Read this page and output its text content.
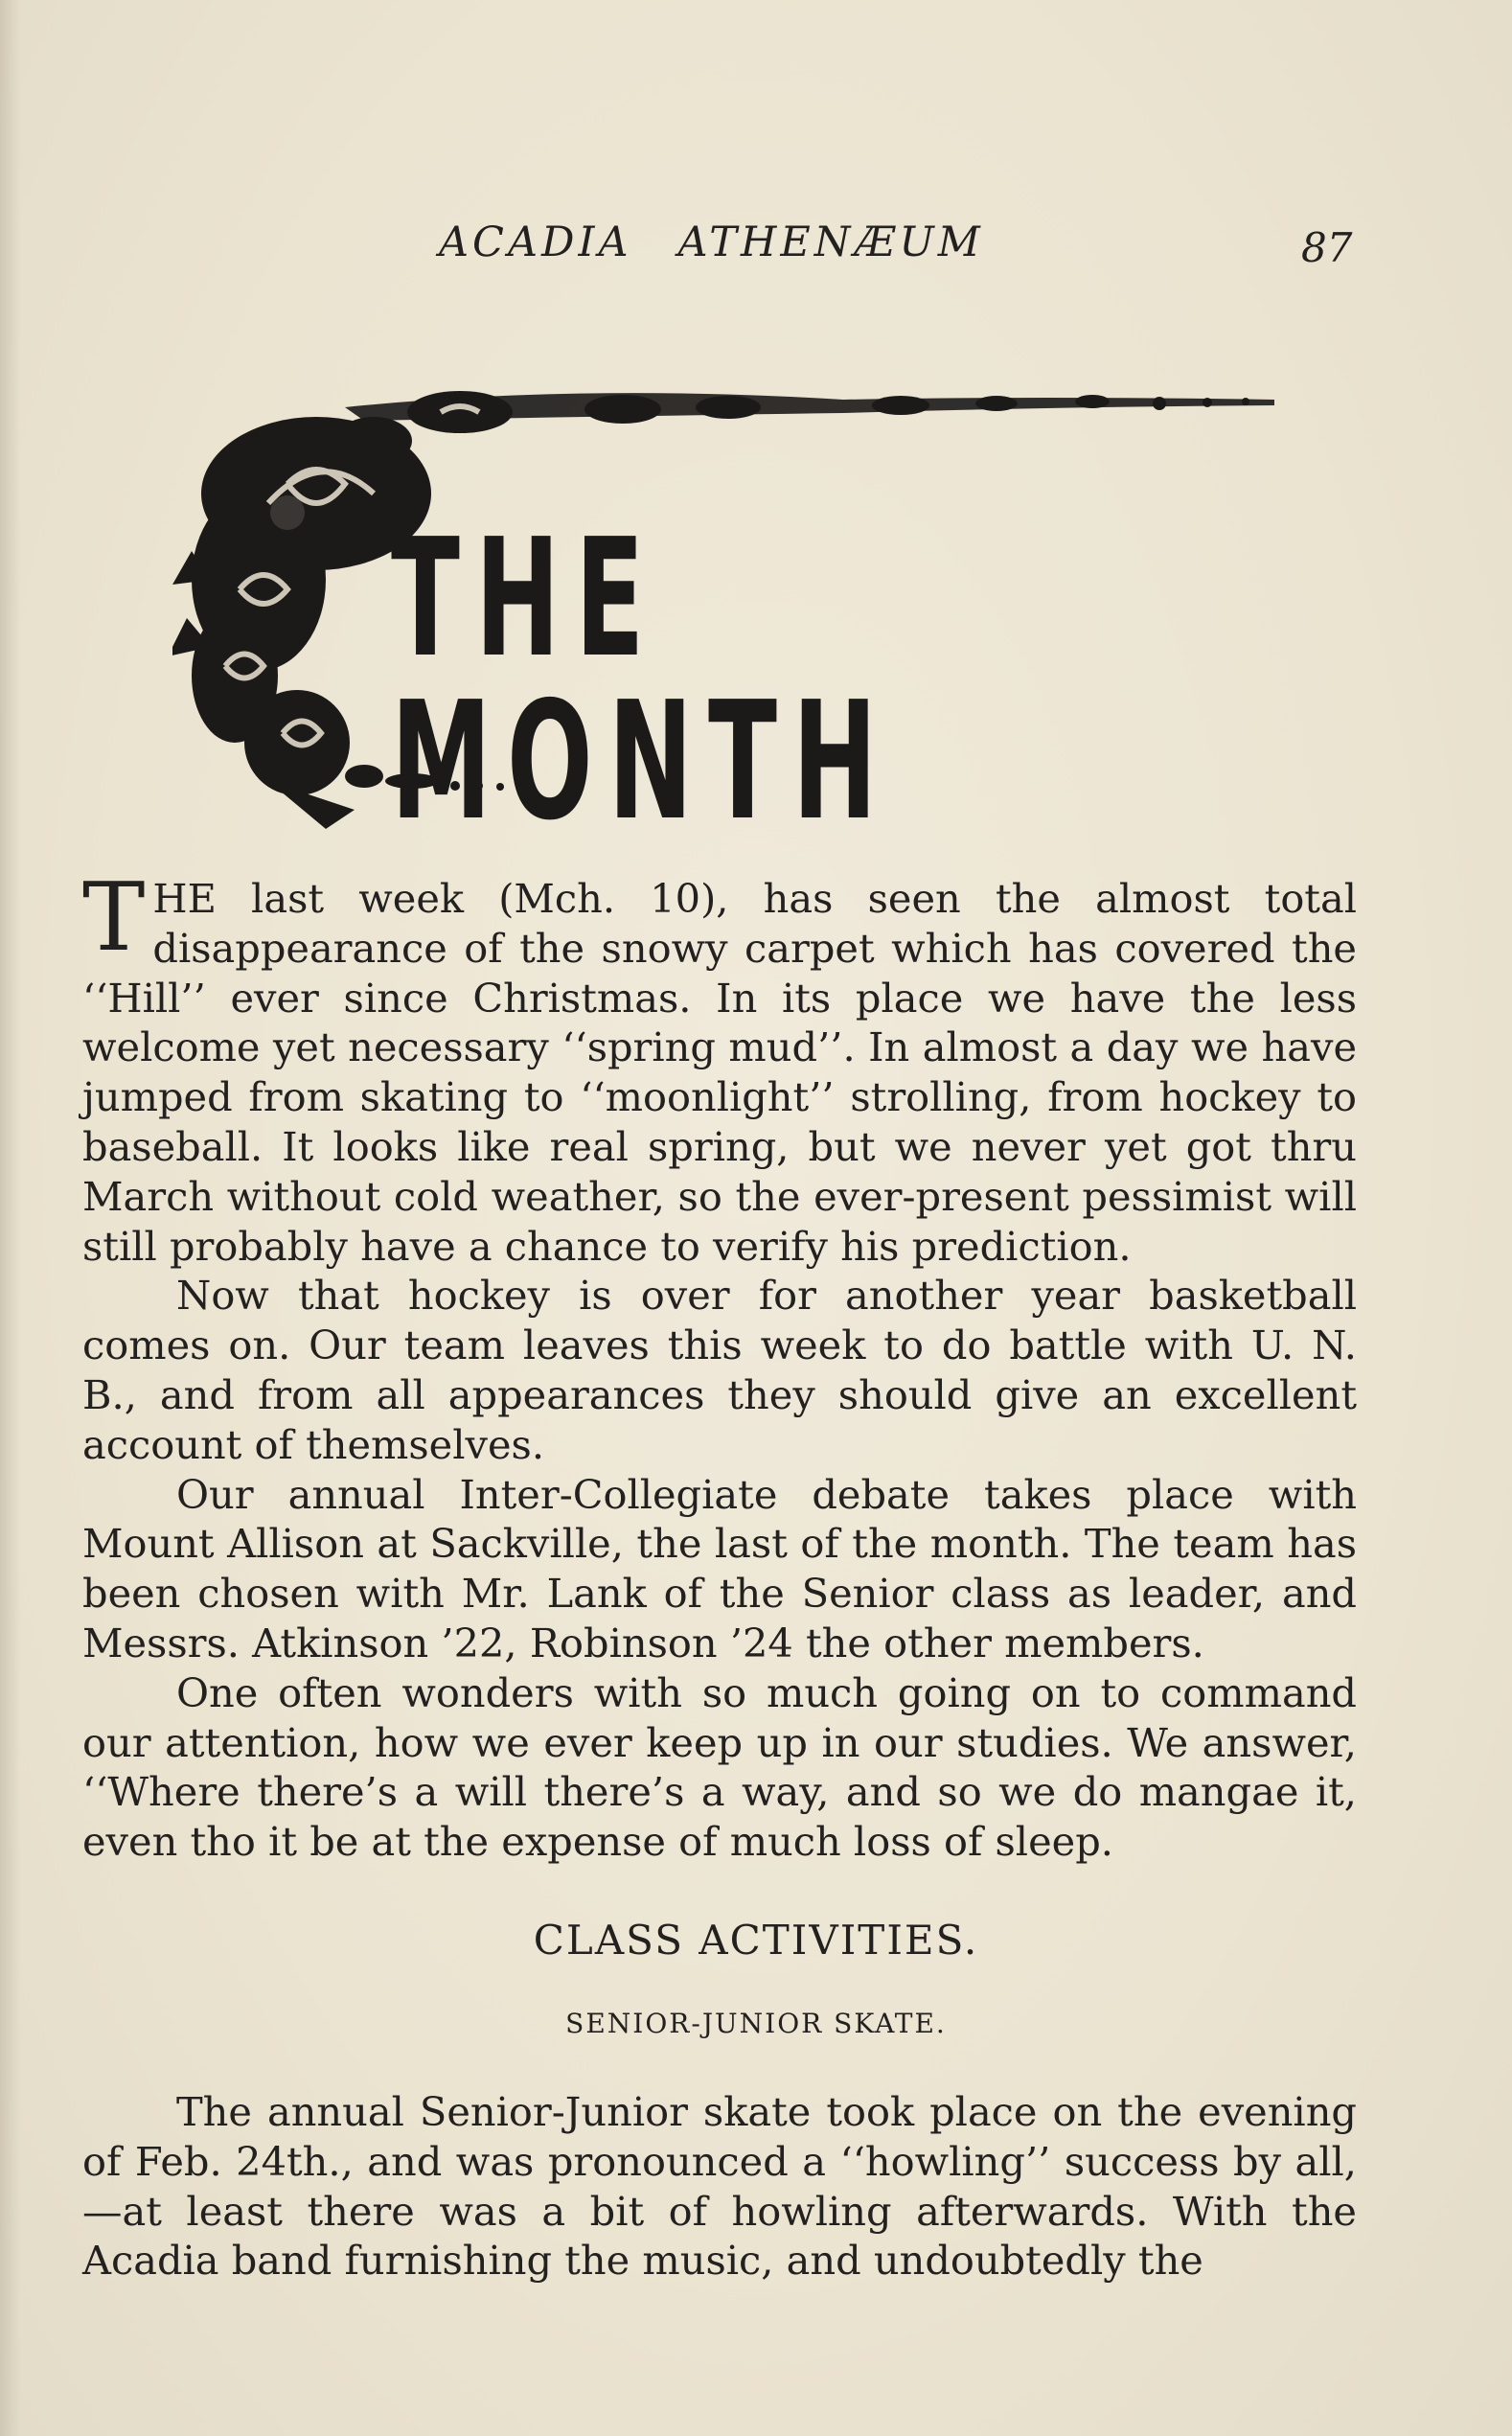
ACADIA ATHENÆUM	87
THE MONTH
THE last week (Mch. 10), has seen the almost total disappearance of the snowy carpet which has covered the ‘‘Hill’’ ever since Christmas. In its place we have the less welcome yet necessary ‘‘spring mud’’. In almost a day we have jumped from skating to ‘‘moonlight’’ strolling, from hockey to baseball. It looks like real spring, but we never yet got thru March without cold weather, so the ever-present pessimist will still probably have a chance to verify his prediction.
Now that hockey is over for another year basketball comes on. Our team leaves this week to do battle with U. N. B., and from all appearances they should give an excellent account of themselves.
Our annual Inter-Collegiate debate takes place with Mount Allison at Sackville, the last of the month. The team has been chosen with Mr. Lank of the Senior class as leader, and Messrs. Atkinson ’22, Robinson ’24 the other members.
One often wonders with so much going on to command our attention, how we ever keep up in our studies. We answer, ‘‘Where there’s a will there’s a way, and so we do mangae it, even tho it be at the expense of much loss of sleep.
CLASS ACTIVITIES.
SENIOR-JUNIOR SKATE.
The annual Senior-Junior skate took place on the evening of Feb. 24th., and was pronounced a ‘‘howling’’ success by all,—at least there was a bit of howling afterwards. With the Acadia band furnishing the music, and undoubtedly the
